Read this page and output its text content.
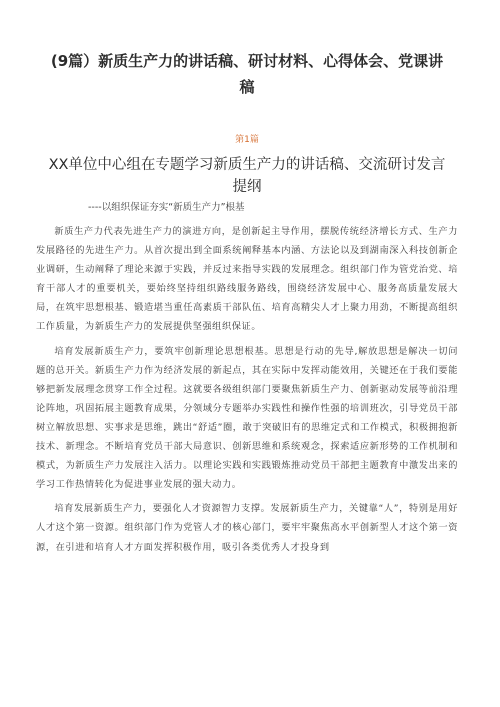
(9篇）新质生产力的讲话稿、研讨材料、心得体会、党课讲稿
第1篇
XX单位中心组在专题学习新质生产力的讲话稿、交流研讨发言提纲
----以组织保证夯实“新质生产力”根基

新质生产力代表先进生产力的演进方向，是创新起主导作用，摆脱传统经济增长方式、生产力发展路径的先进生产力。从首次提出到全面系统阐释基本内涵、方法论以及到湖南深入科技创新企业调研，生动阐释了理论来源于实践，并反过来指导实践的发展理念。组织部门作为管党治党、培育干部人才的重要机关，要始终坚持组织路线服务路线，围绕经济发展中心、服务高质量发展大局，在筑牢思想根基、锻造堪当重任高素质干部队伍、培育高精尖人才上聚力用劲，不断提高组织工作质量，为新质生产力的发展提供坚强组织保证。

培育发展新质生产力，要筑牢创新理论思想根基。思想是行动的先导,解放思想是解决一切问题的总开关。新质生产力作为经济发展的新起点，其在实际中发挥动能效用，关键还在于我们要能够把新发展理念贯穿工作全过程。这就要各级组织部门要聚焦新质生产力、创新驱动发展等前沿理论阵地，巩固拓展主题教育成果，分领域分专题举办实践性和操作性强的培训班次，引导党员干部树立解放思想、实事求是思维，跳出“舒适”圈，敢于突破旧有的思维定式和工作模式，积极拥抱新技术、新理念。不断培育党员干部大局意识、创新思维和系统观念，探索适应新形势的工作机制和模式，为新质生产力发展注入活力。以理论实践和实践锻炼推动党员干部把主题教育中激发出来的学习工作热情转化为促进事业发展的强大动力。

培育发展新质生产力，要强化人才资源智力支撑。发展新质生产力，关键靠“人”，特别是用好人才这个第一资源。组织部门作为党管人才的核心部门，要牢牢聚焦高水平创新型人才这个第一资源，在引进和培育人才方面发挥积极作用，吸引各类优秀人才投身到
